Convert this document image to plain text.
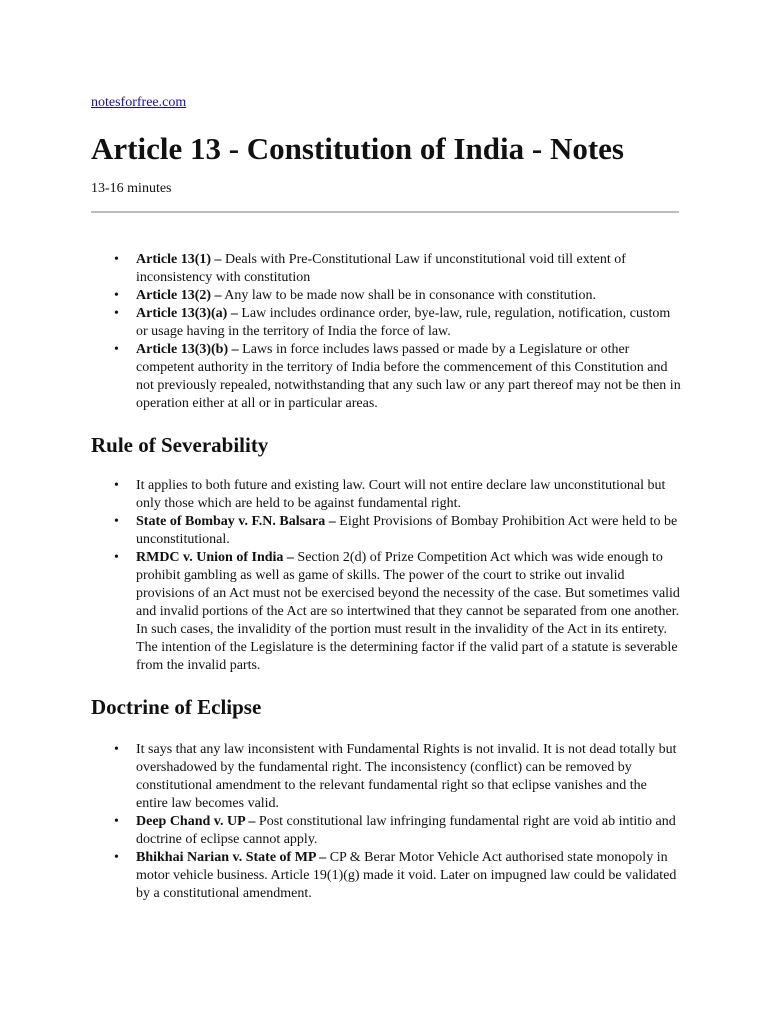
notesforfree.com
Article 13 - Constitution of India - Notes

13-16 minutes

• Article 13(1) – Deals with Pre-Constitutional Law if unconstitutional void till extent of inconsistency with constitution
• Article 13(2) – Any law to be made now shall be in consonance with constitution.
• Article 13(3)(a) – Law includes ordinance order, bye-law, rule, regulation, notification, custom or usage having in the territory of India the force of law.
• Article 13(3)(b) – Laws in force includes laws passed or made by a Legislature or other competent authority in the territory of India before the commencement of this Constitution and not previously repealed, notwithstanding that any such law or any part thereof may not be then in operation either at all or in particular areas.
Rule of Severability
• It applies to both future and existing law. Court will not entire declare law unconstitutional but only those which are held to be against fundamental right.
• State of Bombay v. F.N. Balsara – Eight Provisions of Bombay Prohibition Act were held to be unconstitutional.
• RMDC v. Union of India – Section 2(d) of Prize Competition Act which was wide enough to prohibit gambling as well as game of skills. The power of the court to strike out invalid provisions of an Act must not be exercised beyond the necessity of the case. But sometimes valid and invalid portions of the Act are so intertwined that they cannot be separated from one another. In such cases, the invalidity of the portion must result in the invalidity of the Act in its entirety. The intention of the Legislature is the determining factor if the valid part of a statute is severable from the invalid parts.
Doctrine of Eclipse
• It says that any law inconsistent with Fundamental Rights is not invalid. It is not dead totally but overshadowed by the fundamental right. The inconsistency (conflict) can be removed by constitutional amendment to the relevant fundamental right so that eclipse vanishes and the entire law becomes valid.
• Deep Chand v. UP – Post constitutional law infringing fundamental right are void ab intitio and doctrine of eclipse cannot apply.
• Bhikhai Narian v. State of MP – CP & Berar Motor Vehicle Act authorised state monopoly in motor vehicle business. Article 19(1)(g) made it void. Later on impugned law could be validated by a constitutional amendment.
